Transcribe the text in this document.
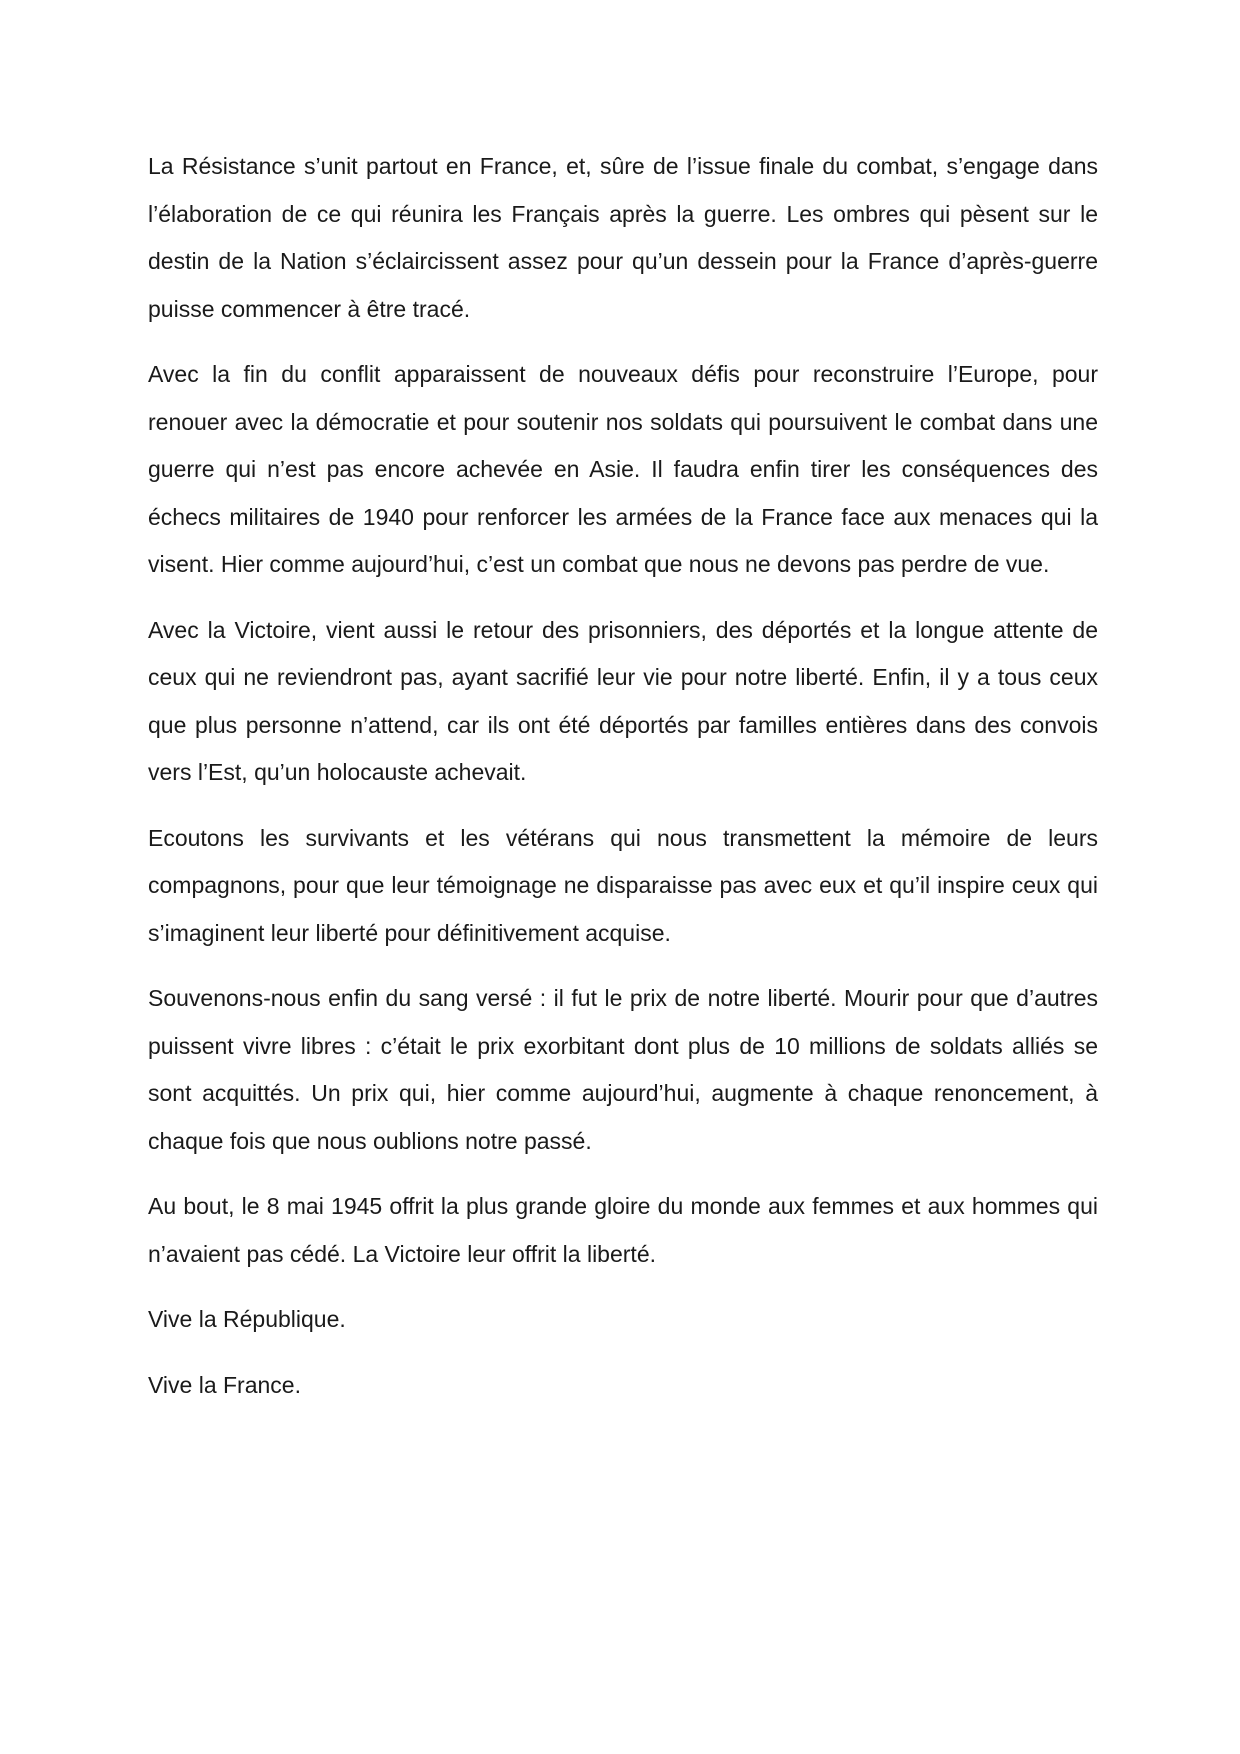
La Résistance s’unit partout en France, et, sûre de l’issue finale du combat, s’engage dans l’élaboration de ce qui réunira les Français après la guerre. Les ombres qui pèsent sur le destin de la Nation s’éclaircissent assez pour qu’un dessein pour la France d’après-guerre puisse commencer à être tracé.

Avec la fin du conflit apparaissent de nouveaux défis pour reconstruire l’Europe, pour renouer avec la démocratie et pour soutenir nos soldats qui poursuivent le combat dans une guerre qui n’est pas encore achevée en Asie. Il faudra enfin tirer les conséquences des échecs militaires de 1940 pour renforcer les armées de la France face aux menaces qui la visent. Hier comme aujourd’hui, c’est un combat que nous ne devons pas perdre de vue.

Avec la Victoire, vient aussi le retour des prisonniers, des déportés et la longue attente de ceux qui ne reviendront pas, ayant sacrifié leur vie pour notre liberté. Enfin, il y a tous ceux que plus personne n’attend, car ils ont été déportés par familles entières dans des convois vers l’Est, qu’un holocauste achevait.

Ecoutons les survivants et les vétérans qui nous transmettent la mémoire de leurs compagnons, pour que leur témoignage ne disparaisse pas avec eux et qu’il inspire ceux qui s’imaginent leur liberté pour définitivement acquise.

Souvenons-nous enfin du sang versé : il fut le prix de notre liberté. Mourir pour que d’autres puissent vivre libres : c’était le prix exorbitant dont plus de 10 millions de soldats alliés se sont acquittés. Un prix qui, hier comme aujourd’hui, augmente à chaque renoncement, à chaque fois que nous oublions notre passé.

Au bout, le 8 mai 1945 offrit la plus grande gloire du monde aux femmes et aux hommes qui n’avaient pas cédé. La Victoire leur offrit la liberté.

Vive la République.

Vive la France.
